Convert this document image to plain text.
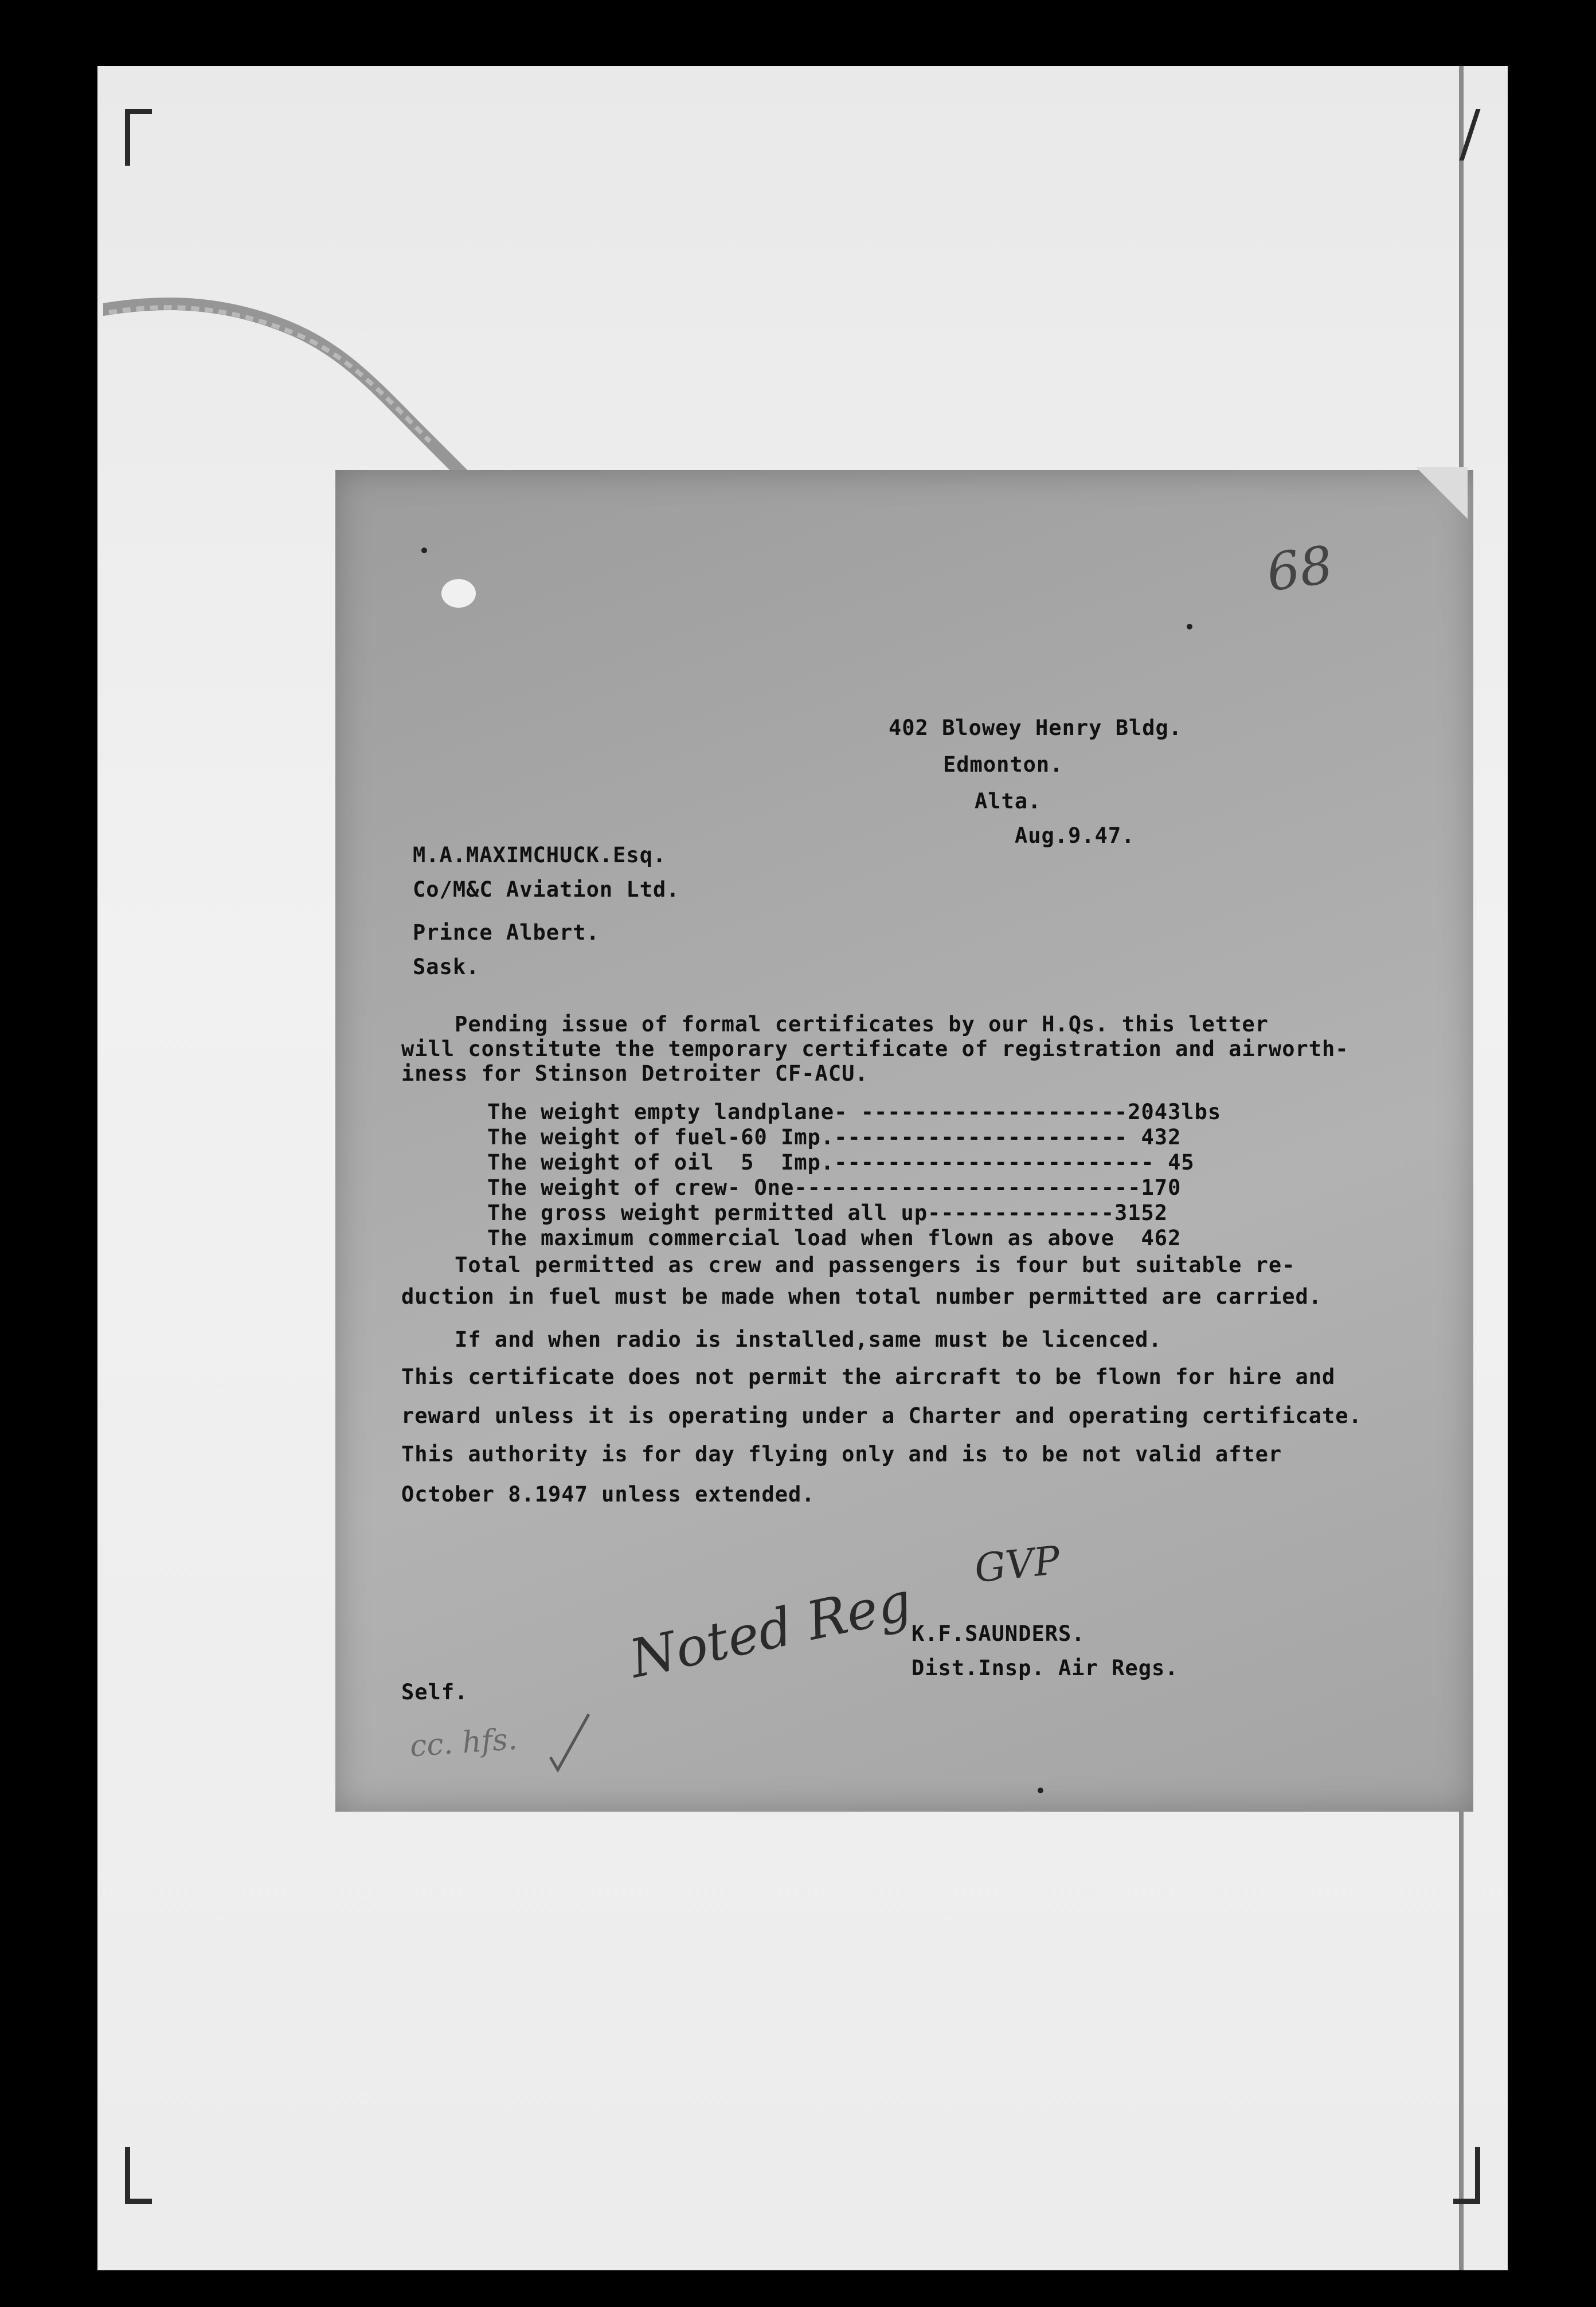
68
402 Blowey Henry Bldg.
Edmonton.
Alta.
Aug.9.47.
M.A.MAXIMCHUCK.Esq.
Co/M&C Aviation Ltd.
Prince Albert.
Sask.
Pending issue of formal certificates by our H.Qs. this letter
will constitute the temporary certificate of registration and airworth-
iness for Stinson Detroiter CF-ACU.
The weight empty landplane- --------------------2043lbs
The weight of fuel-60 Imp.---------------------- 432
The weight of oil  5  Imp.------------------------ 45
The weight of crew- One--------------------------170
The gross weight permitted all up--------------3152
The maximum commercial load when flown as above  462
Total permitted as crew and passengers is four but suitable re-
duction in fuel must be made when total number permitted are carried.
If and when radio is installed,same must be licenced.
This certificate does not permit the aircraft to be flown for hire and
reward unless it is operating under a Charter and operating certificate.
This authority is for day flying only and is to be not valid after
October 8.1947 unless extended.
Noted Reg
GVP
K.F.SAUNDERS.
Dist.Insp. Air Regs.
Self.
cc. hfs.
